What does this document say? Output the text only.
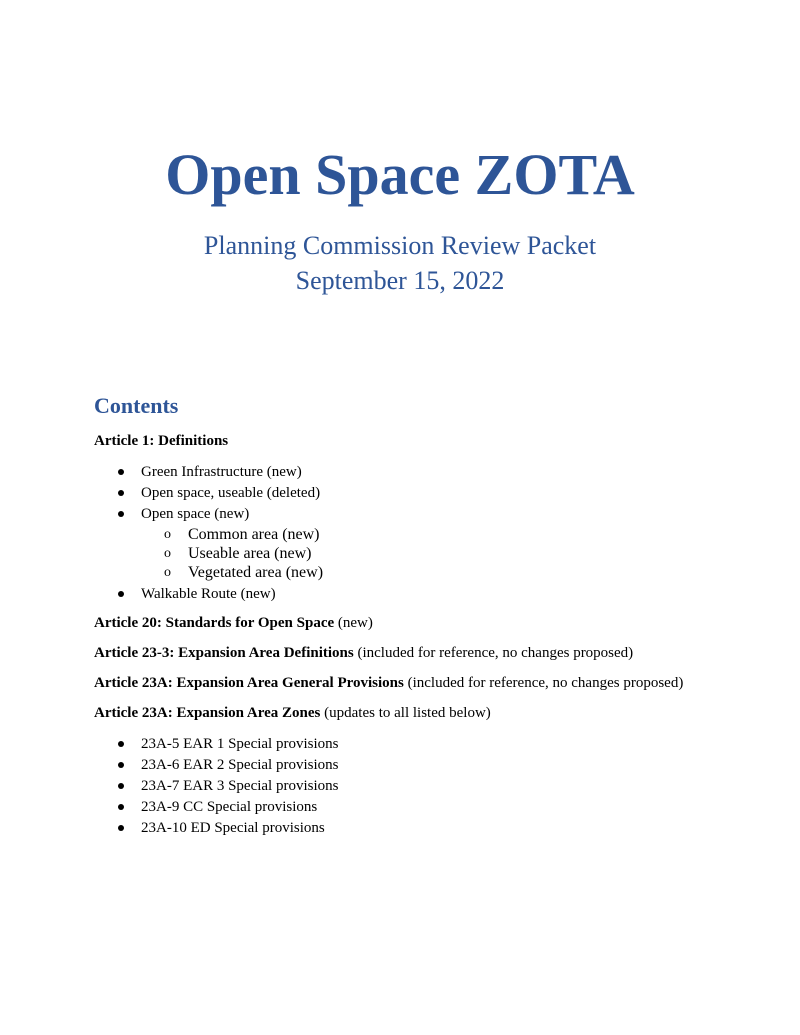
Open Space ZOTA
Planning Commission Review Packet
September 15, 2022
Contents
Article 1: Definitions
Green Infrastructure (new)
Open space, useable (deleted)
Open space (new)
o Common area (new)
o Useable area (new)
o Vegetated area (new)
Walkable Route (new)
Article 20: Standards for Open Space (new)
Article 23-3: Expansion Area Definitions (included for reference, no changes proposed)
Article 23A: Expansion Area General Provisions (included for reference, no changes proposed)
Article 23A: Expansion Area Zones (updates to all listed below)
23A-5 EAR 1 Special provisions
23A-6 EAR 2 Special provisions
23A-7 EAR 3 Special provisions
23A-9 CC Special provisions
23A-10 ED Special provisions
